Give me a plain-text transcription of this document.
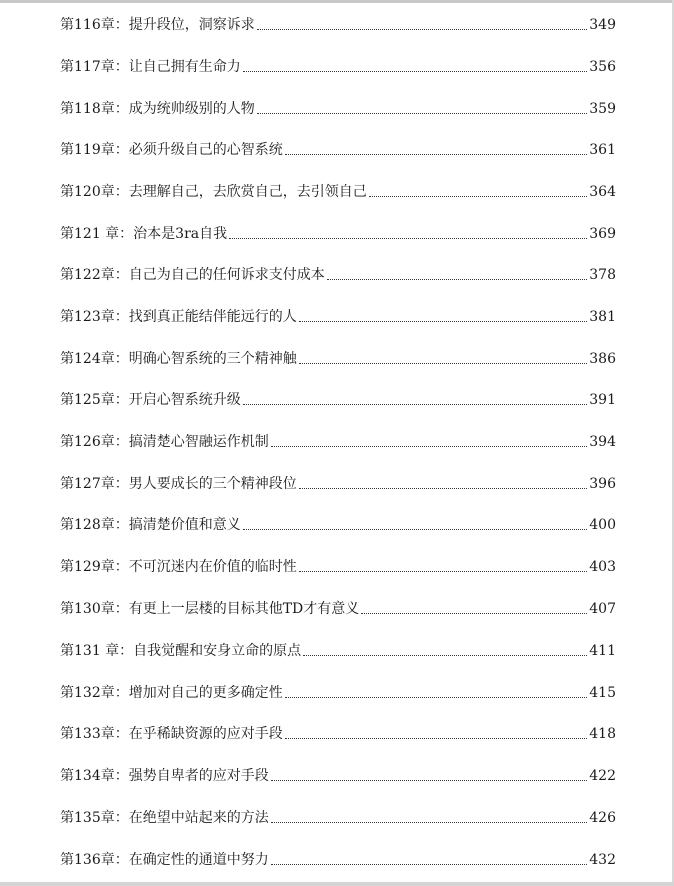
第116章：提升段位，洞察诉求	349
第117章：让自己拥有生命力	356
第118章：成为统帅级别的人物	359
第119章：必须升级自己的心智系统	361
第120章：去理解自己，去欣赏自己，去引领自己	364
第121 章：治本是3ra自我	369
第122章：自己为自己的任何诉求支付成本	378
第123章：找到真正能结伴能远行的人	381
第124章：明确心智系统的三个精神触	386
第125章：开启心智系统升级	391
第126章：搞清楚心智融运作机制	394
第127章：男人要成长的三个精神段位	396
第128章：搞清楚价值和意义	400
第129章：不可沉迷内在价值的临时性	403
第130章：有更上一层楼的目标其他TD才有意义	407
第131 章：自我觉醒和安身立命的原点	411
第132章：增加对自己的更多确定性	415
第133章：在乎稀缺资源的应对手段	418
第134章：强势自卑者的应对手段	422
第135章：在绝望中站起来的方法	426
第136章：在确定性的通道中努力	432
